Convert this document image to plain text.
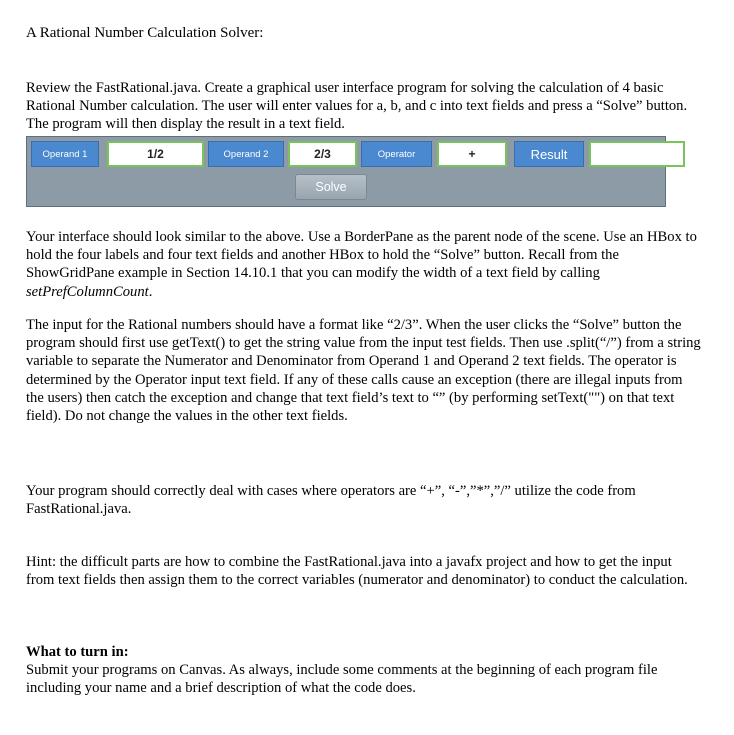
A Rational Number Calculation Solver:
Review the FastRational.java. Create a graphical user interface program for solving the calculation of 4 basic Rational Number calculation. The user will enter values for a, b, and c into text fields and press a “Solve” button. The program will then display the result in a text field.
Your interface should look similar to the above. Use a BorderPane as the parent node of the scene. Use an HBox to hold the four labels and four text fields and another HBox to hold the “Solve” button. Recall from the ShowGridPane example in Section 14.10.1 that you can modify the width of a text field by calling setPrefColumnCount.
The input for the Rational numbers should have a format like “2/3”. When the user clicks the “Solve” button the program should first use getText() to get the string value from the input test fields. Then use .split(“/”) from a string variable to separate the Numerator and Denominator from Operand 1 and Operand 2 text fields. The operator is determined by the Operator input text field. If any of these calls cause an exception (there are illegal inputs from the users) then catch the exception and change that text field’s text to “” (by performing setText("") on that text field). Do not change the values in the other text fields.
Your program should correctly deal with cases where operators are “+”, “-”,”*”,”/” utilize the code from FastRational.java.
Hint: the difficult parts are how to combine the FastRational.java into a javafx project and how to get the input from text fields then assign them to the correct variables (numerator and denominator) to conduct the calculation.
What to turn in:
Submit your programs on Canvas. As always, include some comments at the beginning of each program file including your name and a brief description of what the code does.
Operand 1	1/2	Operand 2	2/3	Operator	+	Result
Solve
